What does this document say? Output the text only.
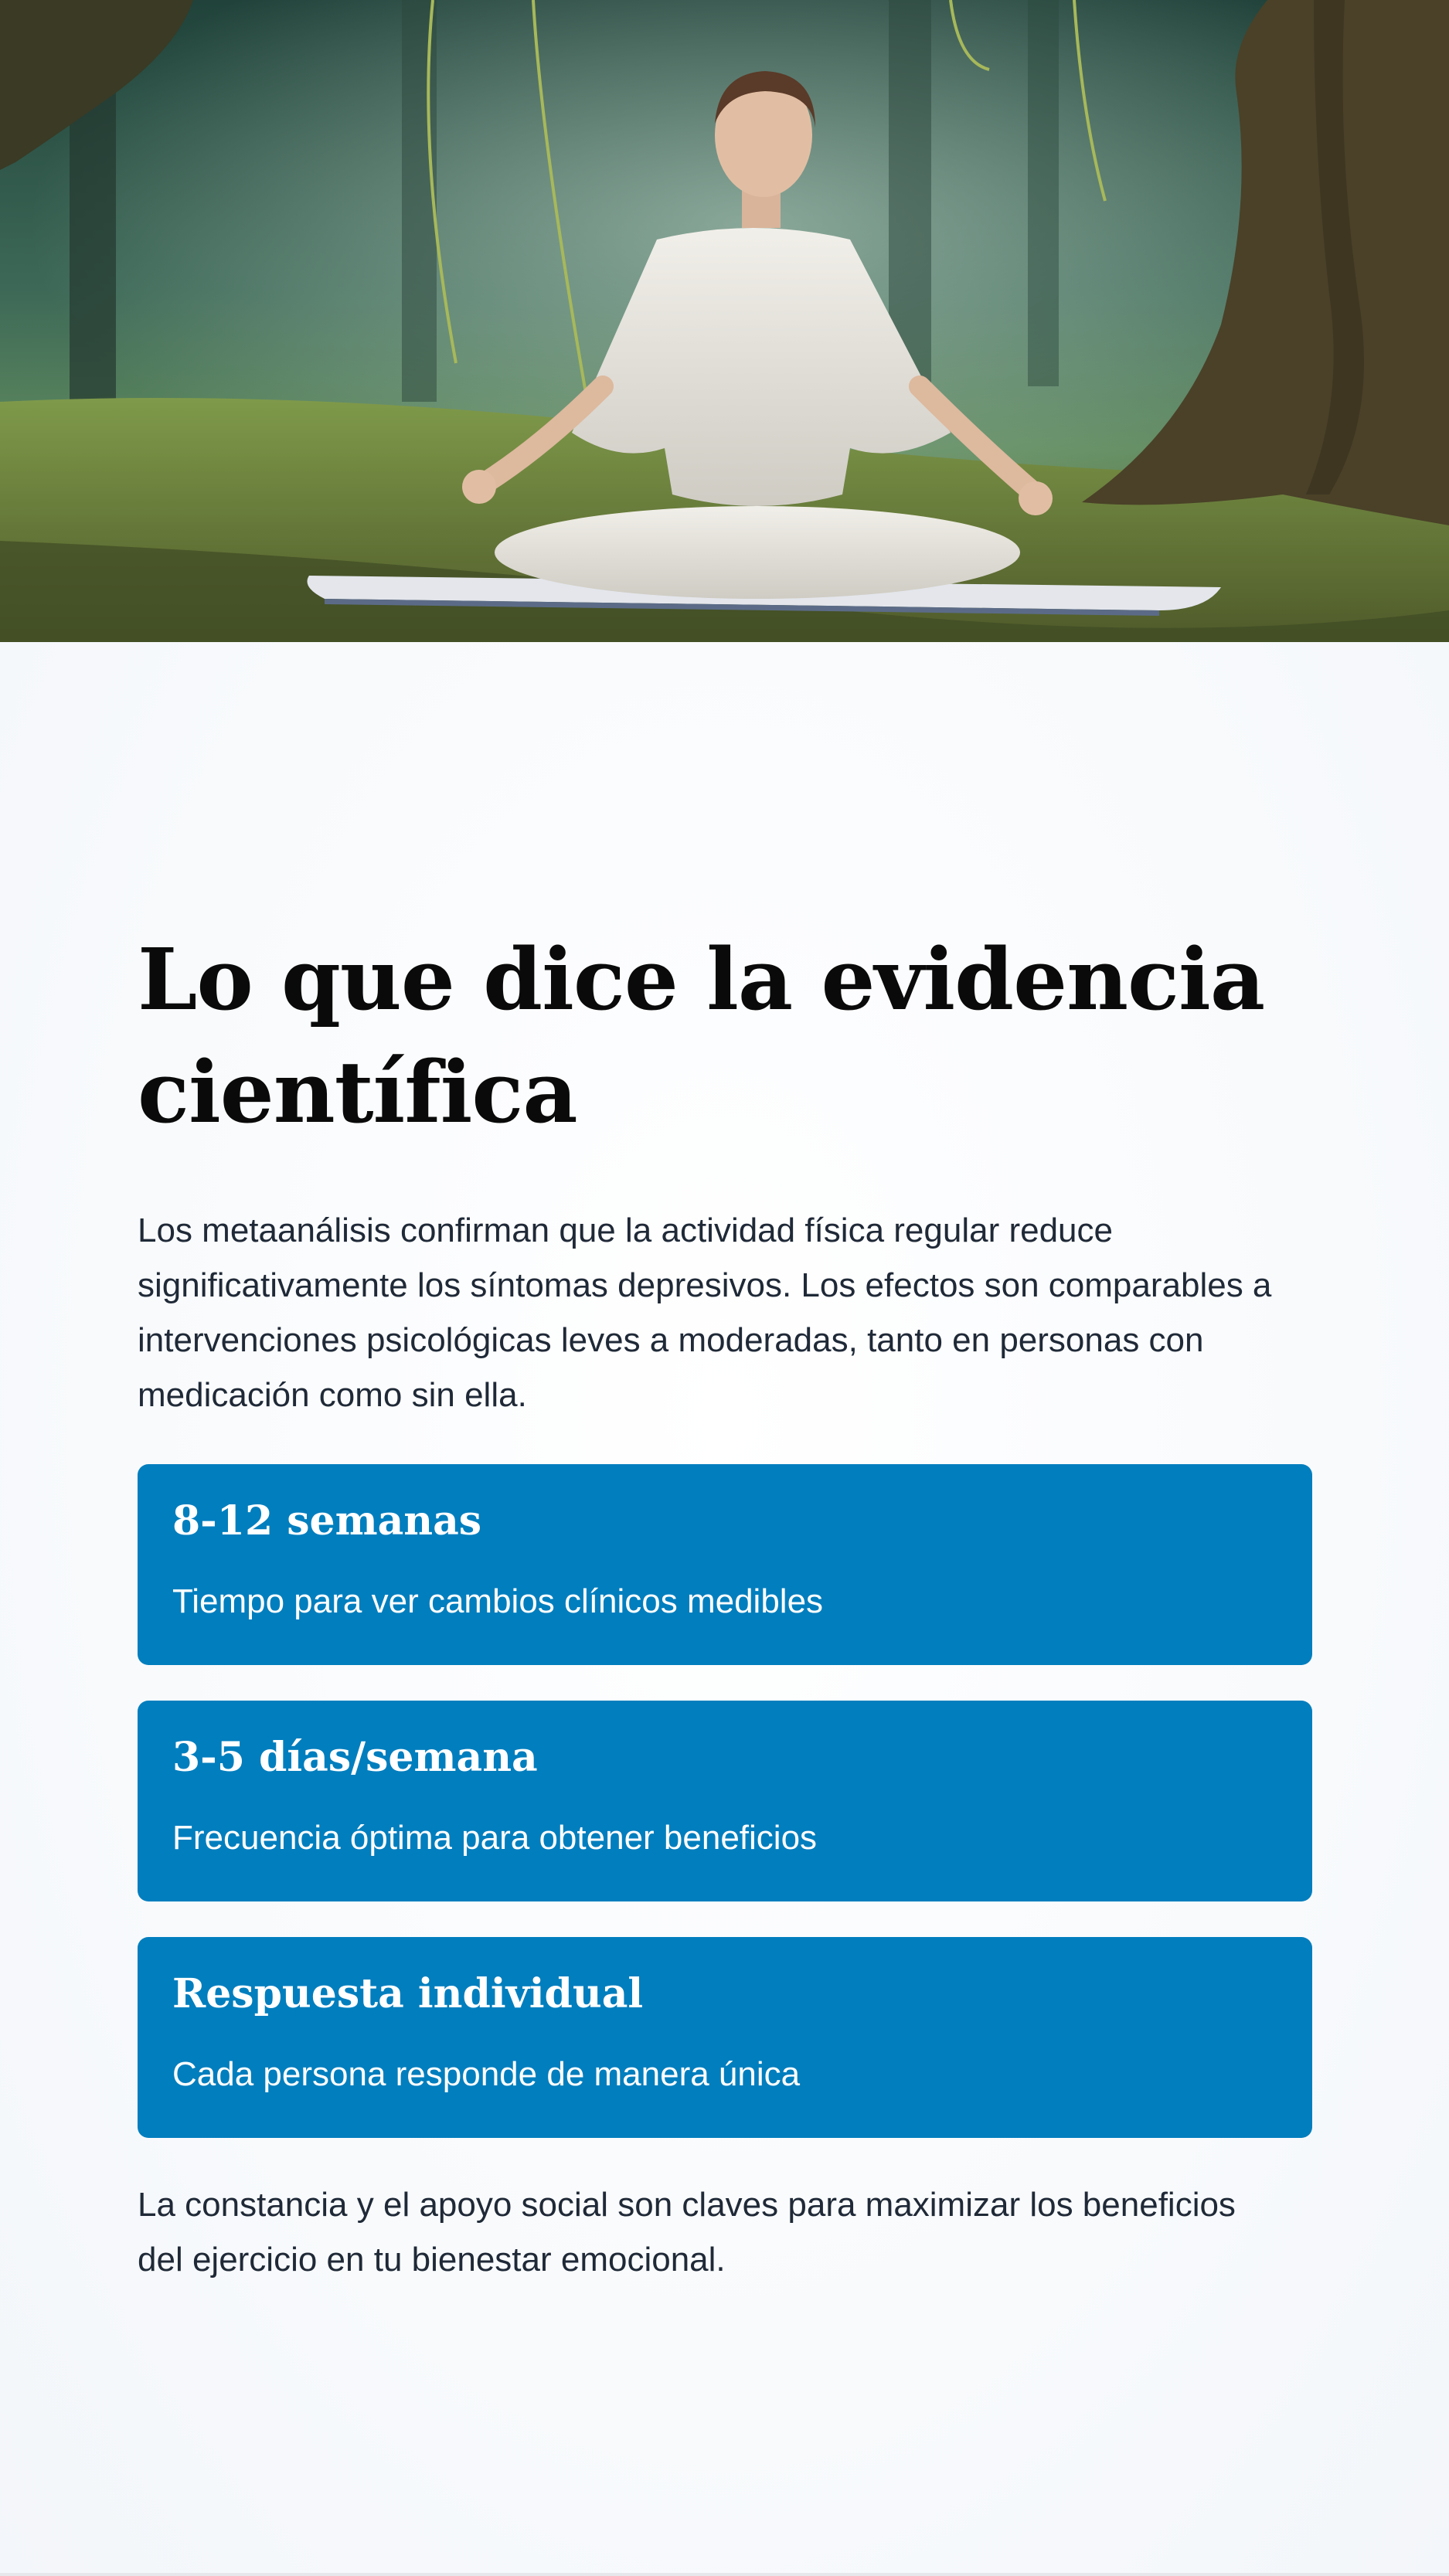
Lo que dice la evidencia científica

Los metaanálisis confirman que la actividad física regular reduce significativamente los síntomas depresivos. Los efectos son comparables a intervenciones psicológicas leves a moderadas, tanto en personas con medicación como sin ella.

8-12 semanas

Tiempo para ver cambios clínicos medibles

3-5 días/semana

Frecuencia óptima para obtener beneficios

Respuesta individual

Cada persona responde de manera única

La constancia y el apoyo social son claves para maximizar los beneficios del ejercicio en tu bienestar emocional.
